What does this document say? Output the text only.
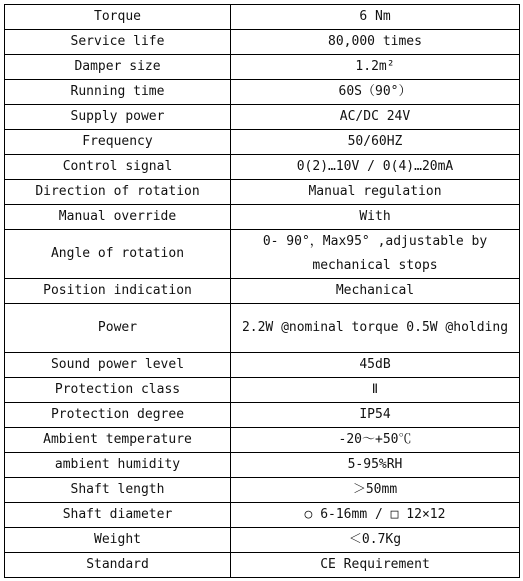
Torque	6 Nm
Service life	80,000 times
Damper size	1.2m²
Running time	60S（90°）
Supply power	AC/DC 24V
Frequency	50/60HZ
Control signal	0(2)…10V / 0(4)…20mA
Direction of rotation	Manual regulation
Manual override	With
Angle of rotation	0- 90°，Max95° ,adjustable by mechanical stops
Position indication	Mechanical
Power	2.2W @nominal torque 0.5W @holding
Sound power level	45dB
Protection class	Ⅱ
Protection degree	IP54
Ambient temperature	-20～+50℃
ambient humidity	5-95%RH
Shaft length	＞50mm
Shaft diameter	○ 6-16mm / □ 12×12
Weight	＜0.7Kg
Standard	CE Requirement
